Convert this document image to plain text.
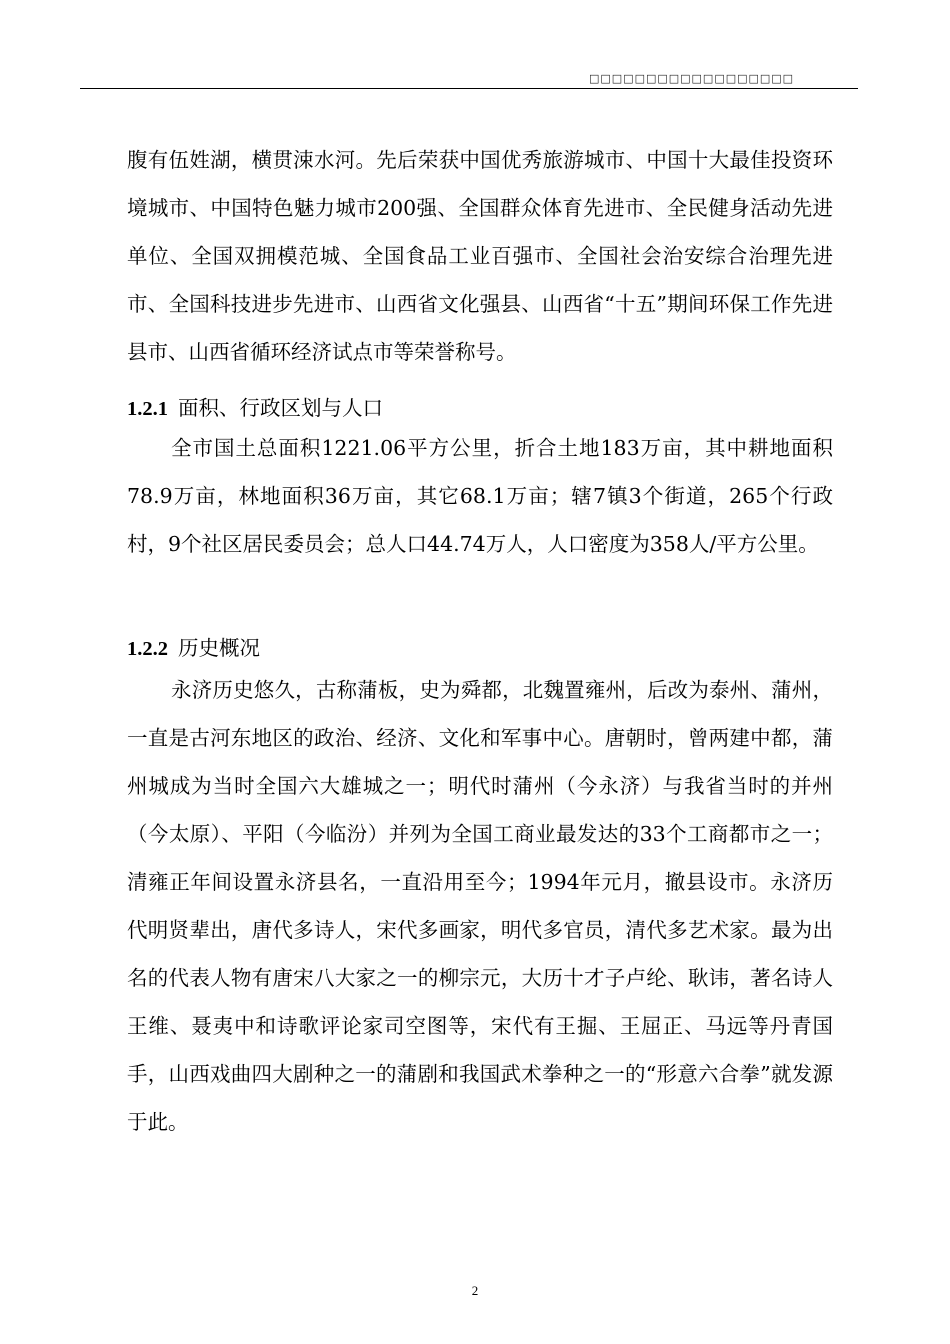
□□□□□□□□□□□□□□□□□□

腹有伍姓湖，横贯涑水河。先后荣获中国优秀旅游城市、中国十大最佳投资环境城市、中国特色魅力城市200强、全国群众体育先进市、全民健身活动先进单位、全国双拥模范城、全国食品工业百强市、全国社会治安综合治理先进市、全国科技进步先进市、山西省文化强县、山西省“十五”期间环保工作先进县市、山西省循环经济试点市等荣誉称号。

1.2.1 面积、行政区划与人口

全市国土总面积1221.06平方公里，折合土地183万亩，其中耕地面积78.9万亩，林地面积36万亩，其它68.1万亩；辖7镇3个街道，265个行政村，9个社区居民委员会；总人口44.74万人，人口密度为358人/平方公里。

1.2.2 历史概况

永济历史悠久，古称蒲板，史为舜都，北魏置雍州，后改为泰州、蒲州，一直是古河东地区的政治、经济、文化和军事中心。唐朝时，曾两建中都，蒲州城成为当时全国六大雄城之一；明代时蒲州（今永济）与我省当时的并州（今太原）、平阳（今临汾）并列为全国工商业最发达的33个工商都市之一；清雍正年间设置永济县名，一直沿用至今；1994年元月，撤县设市。永济历代明贤辈出，唐代多诗人，宋代多画家，明代多官员，清代多艺术家。最为出名的代表人物有唐宋八大家之一的柳宗元，大历十才子卢纶、耿讳，著名诗人王维、聂夷中和诗歌评论家司空图等，宋代有王掘、王屈正、马远等丹青国手，山西戏曲四大剧种之一的蒲剧和我国武术拳种之一的“形意六合拳”就发源于此。

2
